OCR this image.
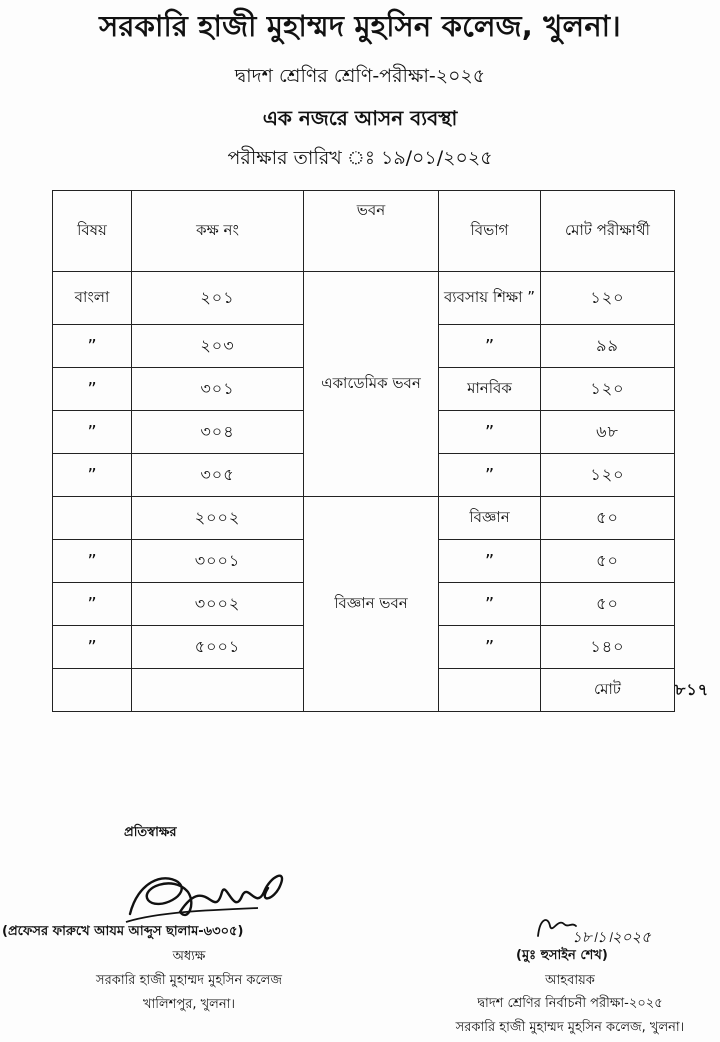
সরকারি হাজী মুহাম্মদ মুহসিন কলেজ, খুলনা।
দ্বাদশ শ্রেণির শ্রেণি-পরীক্ষা-২০২৫
এক নজরে আসন ব্যবস্থা
পরীক্ষার তারিখ ঃ ১৯/০১/২০২৫
বিষয়	কক্ষ নং	ভবন	বিভাগ	মোট পরীক্ষার্থী	
বাংলা	২০১	একাডেমিক ভবন	ব্যবসায় শিক্ষা ”	১২০	
”	২০৩		”	৯৯	
”	৩০১		মানবিক	১২০	
”	৩০৪		”	৬৮	
”	৩০৫		”	১২০	
	২০০২	বিজ্ঞান ভবন	বিজ্ঞান	৫০	
”	৩০০১		”	৫০	
”	৩০০২		”	৫০	
”	৫০০১		”	১৪০	
				মোট	৮১৭
প্রতিস্বাক্ষর
(প্রফেসর ফারুখে আযম আব্দুস ছালাম-৬৩০৫)
অধ্যক্ষ
সরকারি হাজী মুহাম্মদ মুহসিন কলেজ
খালিশপুর, খুলনা।
১৮।১।২০২৫
(মুঃ হুসাইন শেখ)
আহবায়ক
দ্বাদশ শ্রেণির নির্বাচনী পরীক্ষা-২০২৫
সরকারি হাজী মুহাম্মদ মুহসিন কলেজ, খুলনা।
